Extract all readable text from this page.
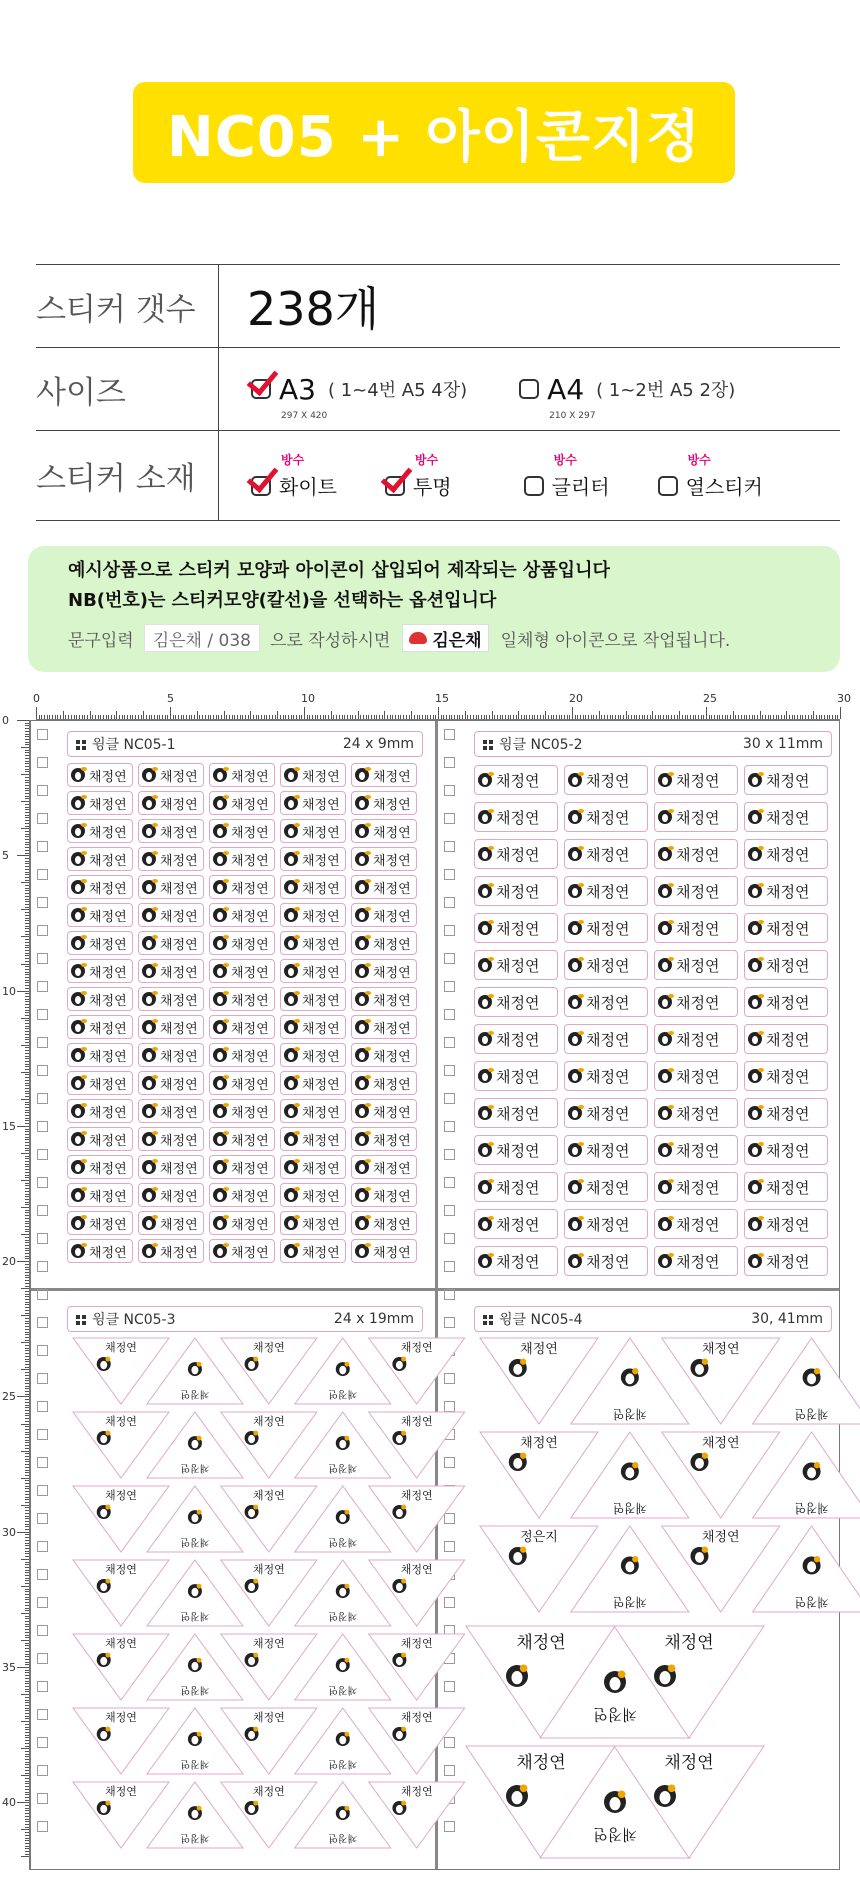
NC05 + 아이콘지정
스티커 갯수	238개
사이즈	A3
297 X 420
( 1~4번 A5 4장)	A4
210 X 297
( 1~2번 A5 2장)
스티커 소재
방수
화이트
방수
투명
방수
글리터
방수
열스티커
예시상품으로 스티커 모양과 아이콘이 삽입되어 제작되는 상품입니다
NB(번호)는 스티커모양(칼선)을 선택하는 옵션입니다
문구입력	김은채 / 038	으로 작성하시면 김은채 일체형 아이콘으로 작업됩니다.
0	5	10	15	20	25	30
0
5
10
15
20
25
30
35
40
윙클 NC05-1	24 x 9mm
채정연	채정연	채정연	채정연	채정연
채정연	채정연	채정연	채정연	채정연
채정연	채정연	채정연	채정연	채정연
채정연	채정연	채정연	채정연	채정연
채정연	채정연	채정연	채정연	채정연
채정연	채정연	채정연	채정연	채정연
채정연	채정연	채정연	채정연	채정연
채정연	채정연	채정연	채정연	채정연
채정연	채정연	채정연	채정연	채정연
채정연	채정연	채정연	채정연	채정연
채정연	채정연	채정연	채정연	채정연
채정연	채정연	채정연	채정연	채정연
채정연	채정연	채정연	채정연	채정연
채정연	채정연	채정연	채정연	채정연
채정연	채정연	채정연	채정연	채정연
채정연	채정연	채정연	채정연	채정연
채정연	채정연	채정연	채정연	채정연
채정연	채정연	채정연	채정연	채정연
윙클 NC05-2	30 x 11mm
채정연	채정연	채정연	채정연
채정연	채정연	채정연	채정연
채정연	채정연	채정연	채정연
채정연	채정연	채정연	채정연
채정연	채정연	채정연	채정연
채정연	채정연	채정연	채정연
채정연	채정연	채정연	채정연
채정연	채정연	채정연	채정연
채정연	채정연	채정연	채정연
채정연	채정연	채정연	채정연
채정연	채정연	채정연	채정연
채정연	채정연	채정연	채정연
채정연	채정연	채정연	채정연
채정연	채정연	채정연	채정연
윙클 NC05-3	24 x 19mm
채정연
채정연
채정연
채정연
채정연
채정연
채정연
채정연
채정연
채정연
채정연
채정연
채정연
채정연
채정연
채정연
채정연
채정연
채정연
채정연
채정연
채정연
채정연
채정연
채정연
채정연
채정연
채정연
채정연
채정연
채정연
채정연
채정연
채정연
채정연
윙클 NC05-4	30, 41mm
채정연
채정연
채정연
채정연
채정연
채정연
채정연
채정연
정은지
채정연
채정연
채정연
채정연
채정연
채정연
채정연
채정연
채정연
